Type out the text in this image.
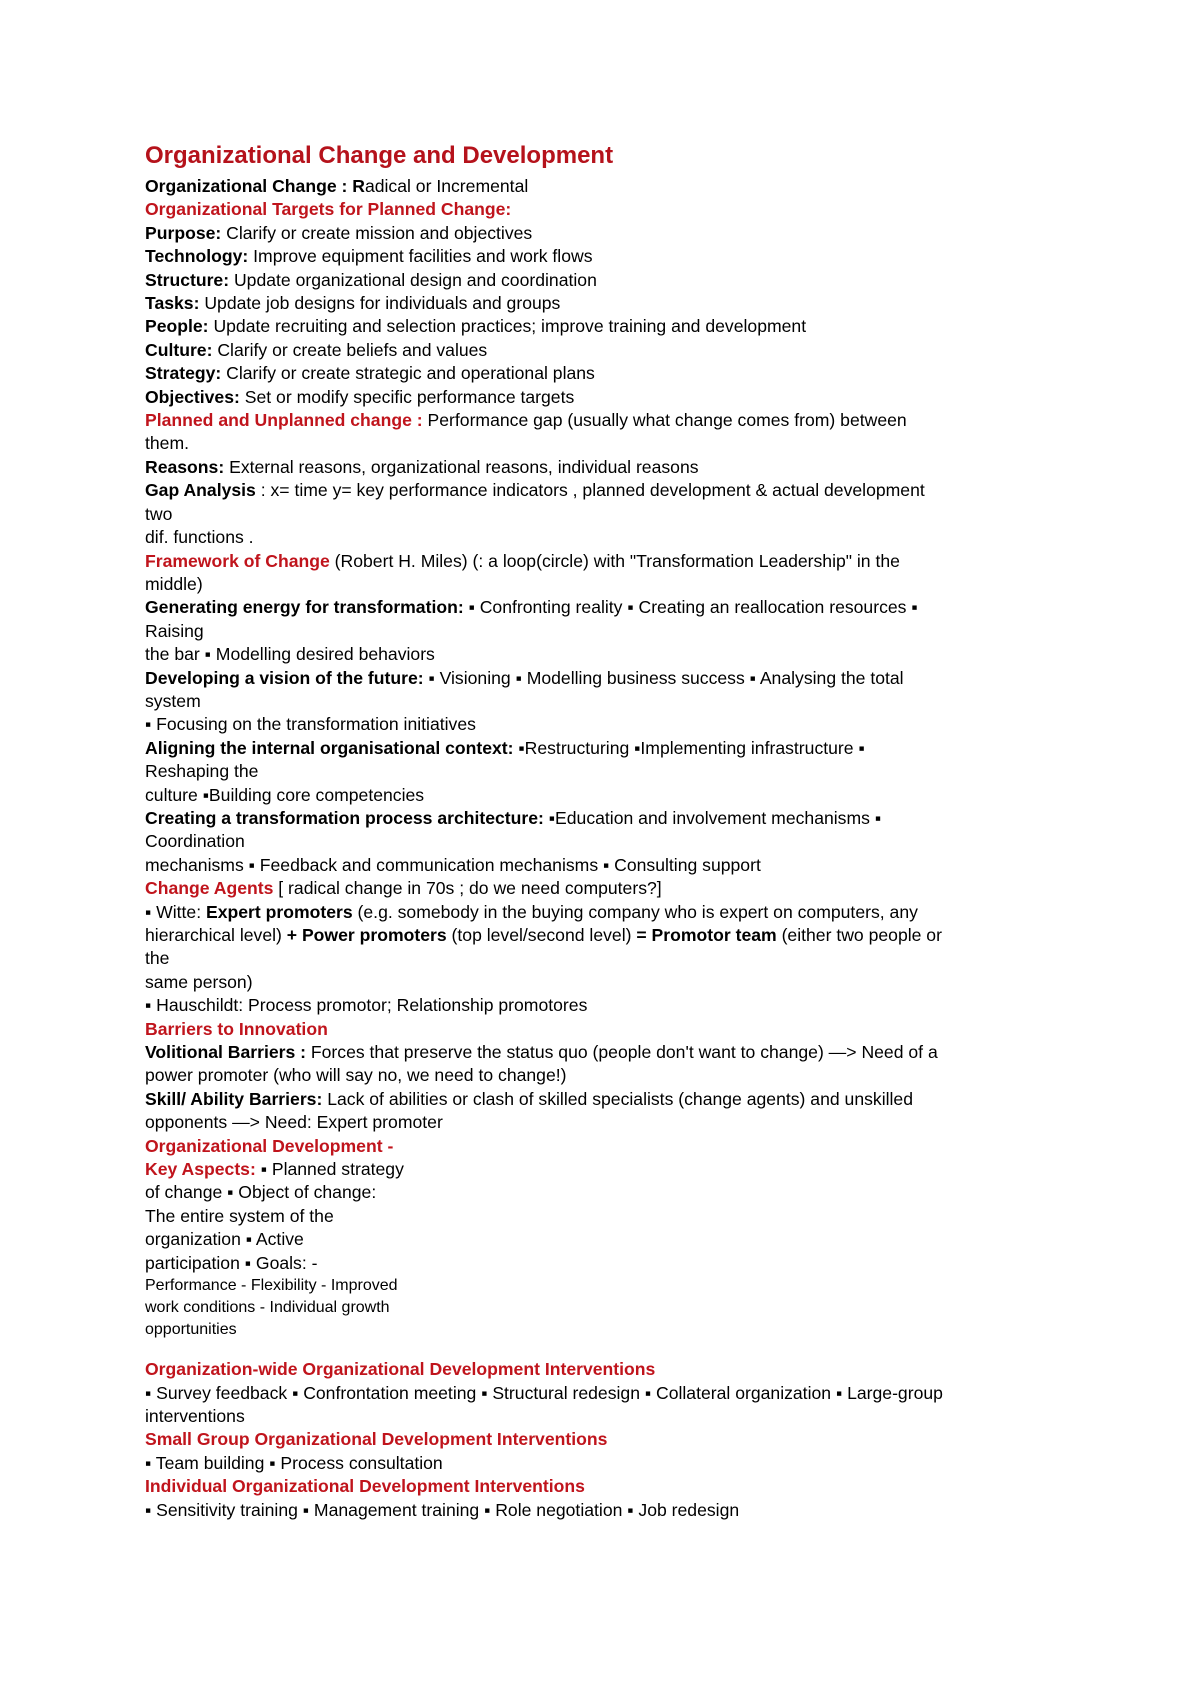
Organizational Change and Development

Organizational Change : Radical or Incremental

Organizational Targets for Planned Change:

Purpose: Clarify or create mission and objectives

Technology: Improve equipment facilities and work flows

Structure: Update organizational design and coordination

Tasks: Update job designs for individuals and groups

People: Update recruiting and selection practices; improve training and development

Culture: Clarify or create beliefs and values

Strategy: Clarify or create strategic and operational plans

Objectives: Set or modify specific performance targets

Planned and Unplanned change : Performance gap (usually what change comes from) between
them.

Reasons: External reasons, organizational reasons, individual reasons

Gap Analysis : x= time y= key performance indicators , planned development & actual development
two
dif. functions .

Framework of Change (Robert H. Miles) (: a loop(circle) with "Transformation Leadership" in the
middle)

Generating energy for transformation: ▪ Confronting reality ▪ Creating an reallocation resources ▪
Raising
the bar ▪ Modelling desired behaviors

Developing a vision of the future: ▪ Visioning ▪ Modelling business success ▪ Analysing the total
system
▪ Focusing on the transformation initiatives

Aligning the internal organisational context: ▪Restructuring ▪Implementing infrastructure ▪
Reshaping the
culture ▪Building core competencies

Creating a transformation process architecture: ▪Education and involvement mechanisms ▪
Coordination
mechanisms ▪ Feedback and communication mechanisms ▪ Consulting support

Change Agents [ radical change in 70s ; do we need computers?]

▪ Witte: Expert promoters (e.g. somebody in the buying company who is expert on computers, any
hierarchical level) + Power promoters (top level/second level) = Promotor team (either two people or
the
same person)

▪ Hauschildt: Process promotor; Relationship promotores

Barriers to Innovation

Volitional Barriers : Forces that preserve the status quo (people don't want to change) —> Need of a
power promoter (who will say no, we need to change!)

Skill/ Ability Barriers: Lack of abilities or clash of skilled specialists (change agents) and unskilled
opponents —> Need: Expert promoter

Organizational Development -

Key Aspects: ▪ Planned strategy
of change ▪ Object of change:
The entire system of the
organization ▪ Active
participation ▪ Goals: -

Performance - Flexibility - Improved
work conditions - Individual growth
opportunities

Organization-wide Organizational Development Interventions

▪ Survey feedback ▪ Confrontation meeting ▪ Structural redesign ▪ Collateral organization ▪ Large-group
interventions

Small Group Organizational Development Interventions

▪ Team building ▪ Process consultation

Individual Organizational Development Interventions

▪ Sensitivity training ▪ Management training ▪ Role negotiation ▪ Job redesign
